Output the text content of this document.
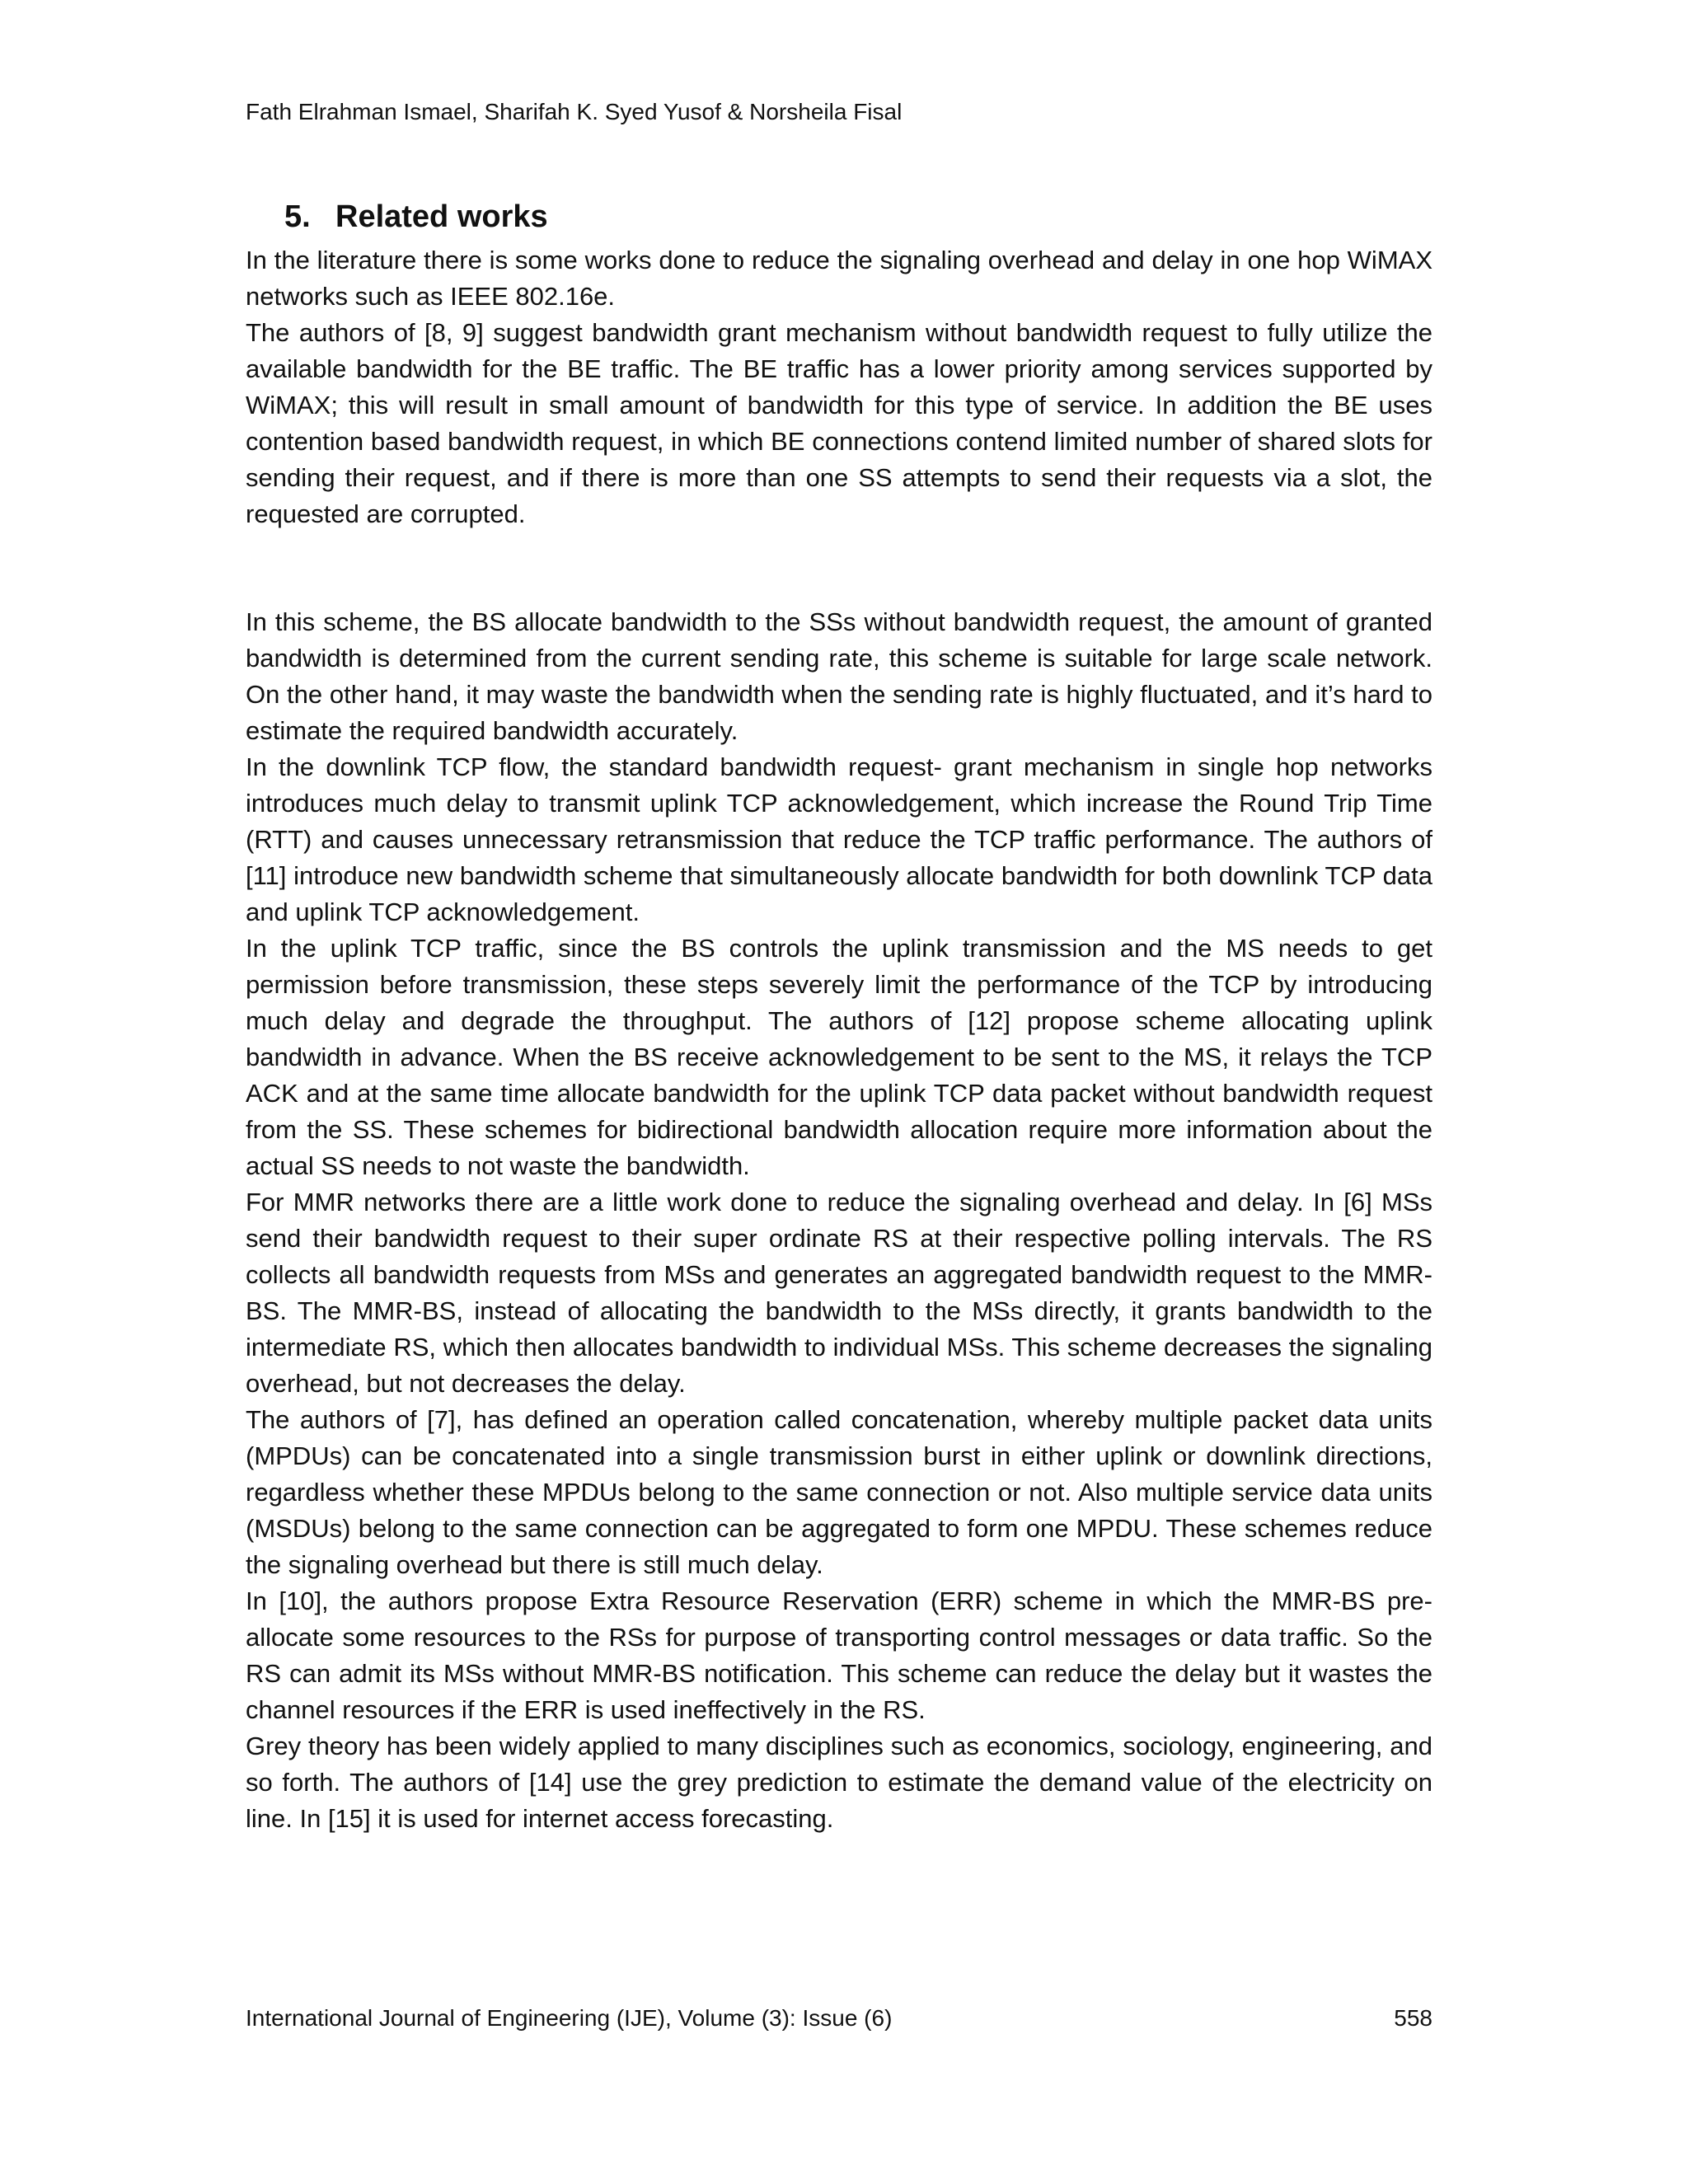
Fath Elrahman Ismael, Sharifah K. Syed Yusof & Norsheila Fisal
5. Related works

In the literature there is some works done to reduce the signaling overhead and delay in one hop WiMAX networks such as IEEE 802.16e.

The authors of [8, 9] suggest bandwidth grant mechanism without bandwidth request to fully utilize the available bandwidth for the BE traffic. The BE traffic has a lower priority among services supported by WiMAX; this will result in small amount of bandwidth for this type of service. In addition the BE uses contention based bandwidth request, in which BE connections contend limited number of shared slots for sending their request, and if there is more than one SS attempts to send their requests via a slot, the requested are corrupted.

In this scheme, the BS allocate bandwidth to the SSs without bandwidth request, the amount of granted bandwidth is determined from the current sending rate, this scheme is suitable for large scale network. On the other hand, it may waste the bandwidth when the sending rate is highly fluctuated, and it’s hard to estimate the required bandwidth accurately.

In the downlink TCP flow, the standard bandwidth request- grant mechanism in single hop networks introduces much delay to transmit uplink TCP acknowledgement, which increase the Round Trip Time (RTT) and causes unnecessary retransmission that reduce the TCP traffic performance. The authors of [11] introduce new bandwidth scheme that simultaneously allocate bandwidth for both downlink TCP data and uplink TCP acknowledgement.

In the uplink TCP traffic, since the BS controls the uplink transmission and the MS needs to get permission before transmission, these steps severely limit the performance of the TCP by introducing much delay and degrade the throughput. The authors of [12] propose scheme allocating uplink bandwidth in advance. When the BS receive acknowledgement to be sent to the MS, it relays the TCP ACK and at the same time allocate bandwidth for the uplink TCP data packet without bandwidth request from the SS. These schemes for bidirectional bandwidth allocation require more information about the actual SS needs to not waste the bandwidth.

For MMR networks there are a little work done to reduce the signaling overhead and delay. In [6] MSs send their bandwidth request to their super ordinate RS at their respective polling intervals. The RS collects all bandwidth requests from MSs and generates an aggregated bandwidth request to the MMR-BS. The MMR-BS, instead of allocating the bandwidth to the MSs directly, it grants bandwidth to the intermediate RS, which then allocates bandwidth to individual MSs. This scheme decreases the signaling overhead, but not decreases the delay.

The authors of [7], has defined an operation called concatenation, whereby multiple packet data units (MPDUs) can be concatenated into a single transmission burst in either uplink or downlink directions, regardless whether these MPDUs belong to the same connection or not. Also multiple service data units (MSDUs) belong to the same connection can be aggregated to form one MPDU. These schemes reduce the signaling overhead but there is still much delay.

In [10], the authors propose Extra Resource Reservation (ERR) scheme in which the MMR-BS pre-allocate some resources to the RSs for purpose of transporting control messages or data traffic. So the RS can admit its MSs without MMR-BS notification. This scheme can reduce the delay but it wastes the channel resources if the ERR is used ineffectively in the RS.

Grey theory has been widely applied to many disciplines such as economics, sociology, engineering, and so forth. The authors of [14] use the grey prediction to estimate the demand value of the electricity on line. In [15] it is used for internet access forecasting.

International Journal of Engineering (IJE), Volume (3): Issue (6)	558
